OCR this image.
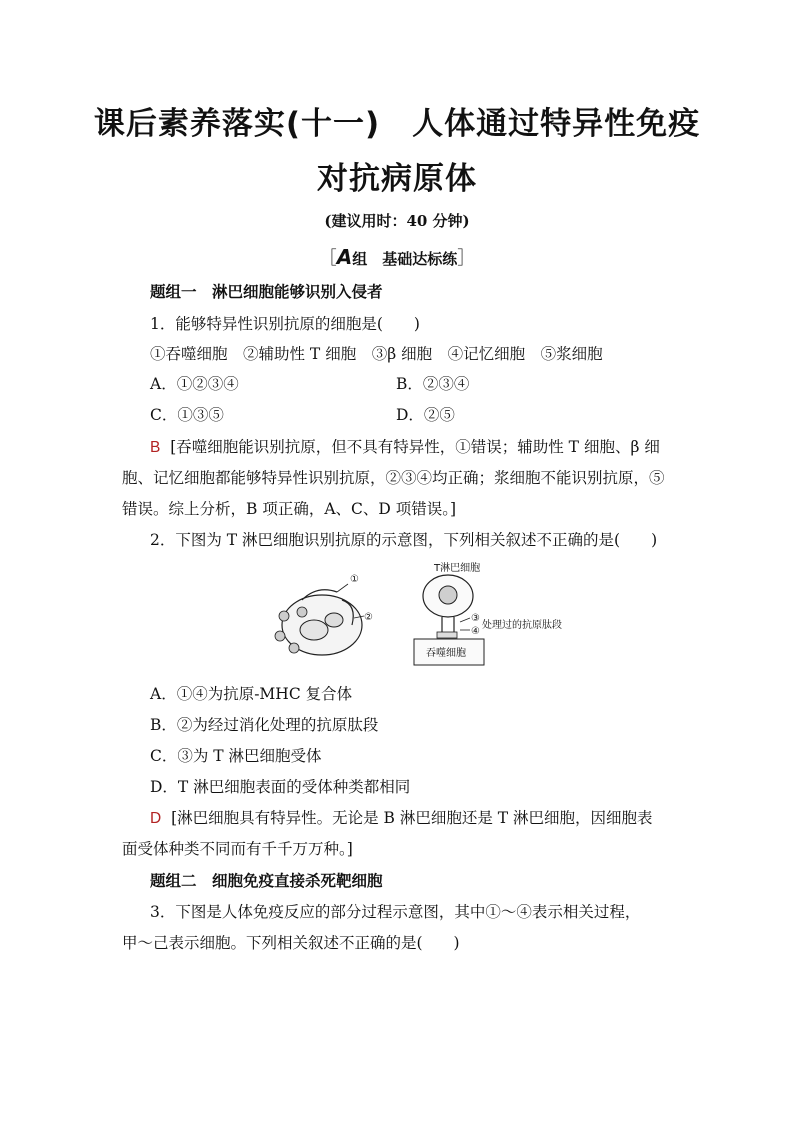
课后素养落实(十一)　人体通过特异性免疫
对抗病原体
(建议用时：40 分钟)
［A组　基础达标练］
题组一　淋巴细胞能够识别入侵者
1．能够特异性识别抗原的细胞是(　　)
①吞噬细胞　②辅助性 T 细胞　③β 细胞　④记忆细胞　⑤浆细胞
A．①②③④	B．②③④
C．①③⑤	D．②⑤
B [吞噬细胞能识别抗原，但不具有特异性，①错误；辅助性 T 细胞、β 细
胞、记忆细胞都能够特异性识别抗原，②③④均正确；浆细胞不能识别抗原，⑤
错误。综上分析，B 项正确，A、C、D 项错误。]
2．下图为 T 淋巴细胞识别抗原的示意图，下列相关叙述不正确的是(　　)
①
②
T淋巴细胞
③
④
处理过的抗原肽段
吞噬细胞
A．①④为抗原-MHC 复合体
B．②为经过消化处理的抗原肽段
C．③为 T 淋巴细胞受体
D．T 淋巴细胞表面的受体种类都相同
D [淋巴细胞具有特异性。无论是 B 淋巴细胞还是 T 淋巴细胞，因细胞表
面受体种类不同而有千千万万种。]
题组二　细胞免疫直接杀死靶细胞
3．下图是人体免疫反应的部分过程示意图，其中①～④表示相关过程，
甲～己表示细胞。下列相关叙述不正确的是(　　)
